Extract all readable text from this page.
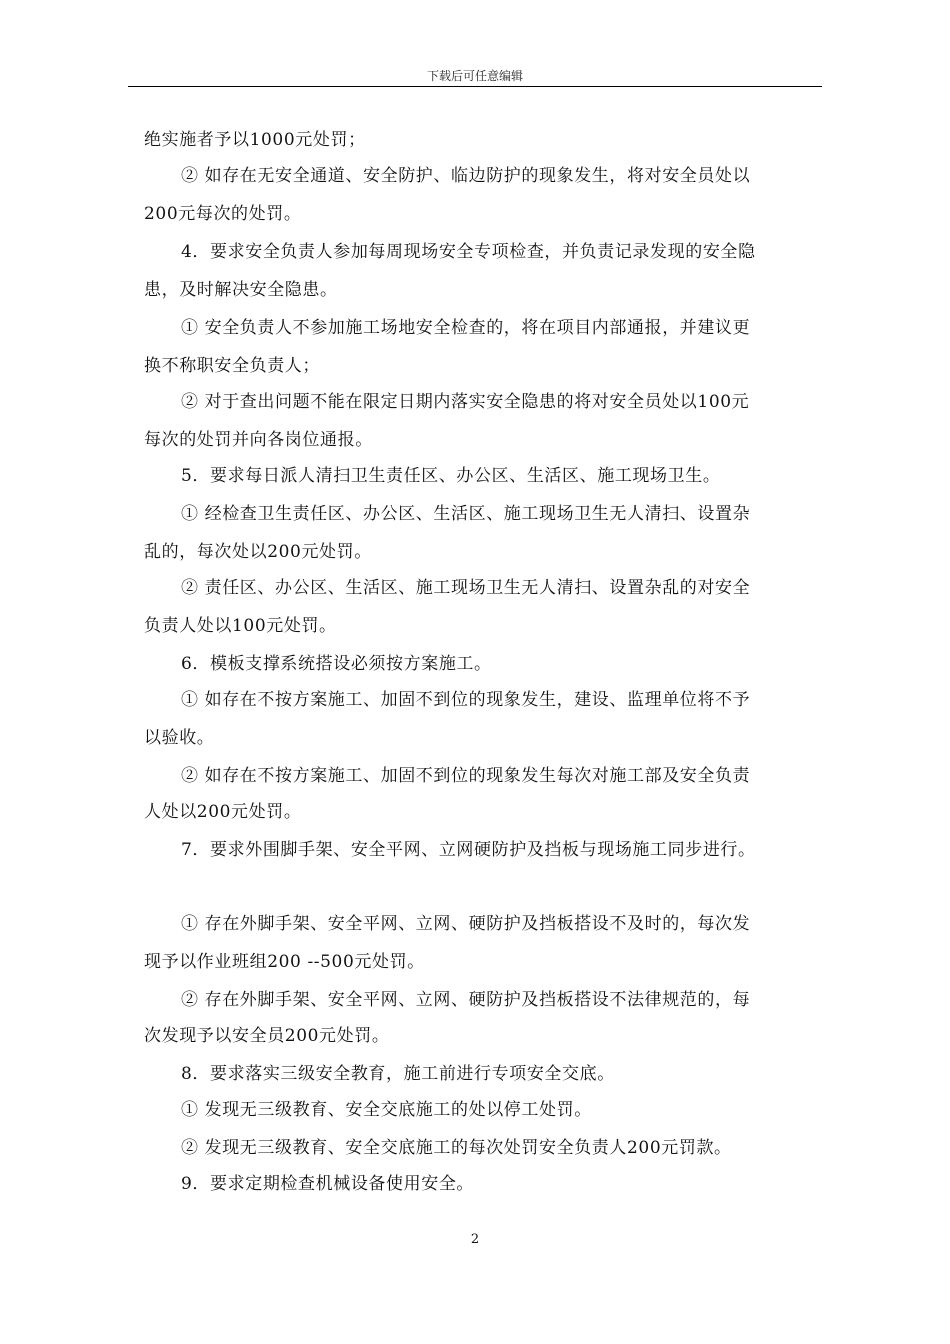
下载后可任意编辑
绝实施者予以1000元处罚；
② 如存在无安全通道、安全防护、临边防护的现象发生，将对安全员处以
200元每次的处罚。
4．要求安全负责人参加每周现场安全专项检查，并负责记录发现的安全隐
患，及时解决安全隐患。
① 安全负责人不参加施工场地安全检查的，将在项目内部通报，并建议更
换不称职安全负责人；
② 对于查出问题不能在限定日期内落实安全隐患的将对安全员处以100元
每次的处罚并向各岗位通报。
5．要求每日派人清扫卫生责任区、办公区、生活区、施工现场卫生。
① 经检查卫生责任区、办公区、生活区、施工现场卫生无人清扫、设置杂
乱的，每次处以200元处罚。
② 责任区、办公区、生活区、施工现场卫生无人清扫、设置杂乱的对安全
负责人处以100元处罚。
6．模板支撑系统搭设必须按方案施工。
① 如存在不按方案施工、加固不到位的现象发生，建设、监理单位将不予
以验收。
② 如存在不按方案施工、加固不到位的现象发生每次对施工部及安全负责
人处以200元处罚。
7．要求外围脚手架、安全平网、立网硬防护及挡板与现场施工同步进行。
① 存在外脚手架、安全平网、立网、硬防护及挡板搭设不及时的，每次发
现予以作业班组200 --500元处罚。
② 存在外脚手架、安全平网、立网、硬防护及挡板搭设不法律规范的，每
次发现予以安全员200元处罚。
8．要求落实三级安全教育，施工前进行专项安全交底。
① 发现无三级教育、安全交底施工的处以停工处罚。
② 发现无三级教育、安全交底施工的每次处罚安全负责人200元罚款。
9．要求定期检查机械设备使用安全。
2
